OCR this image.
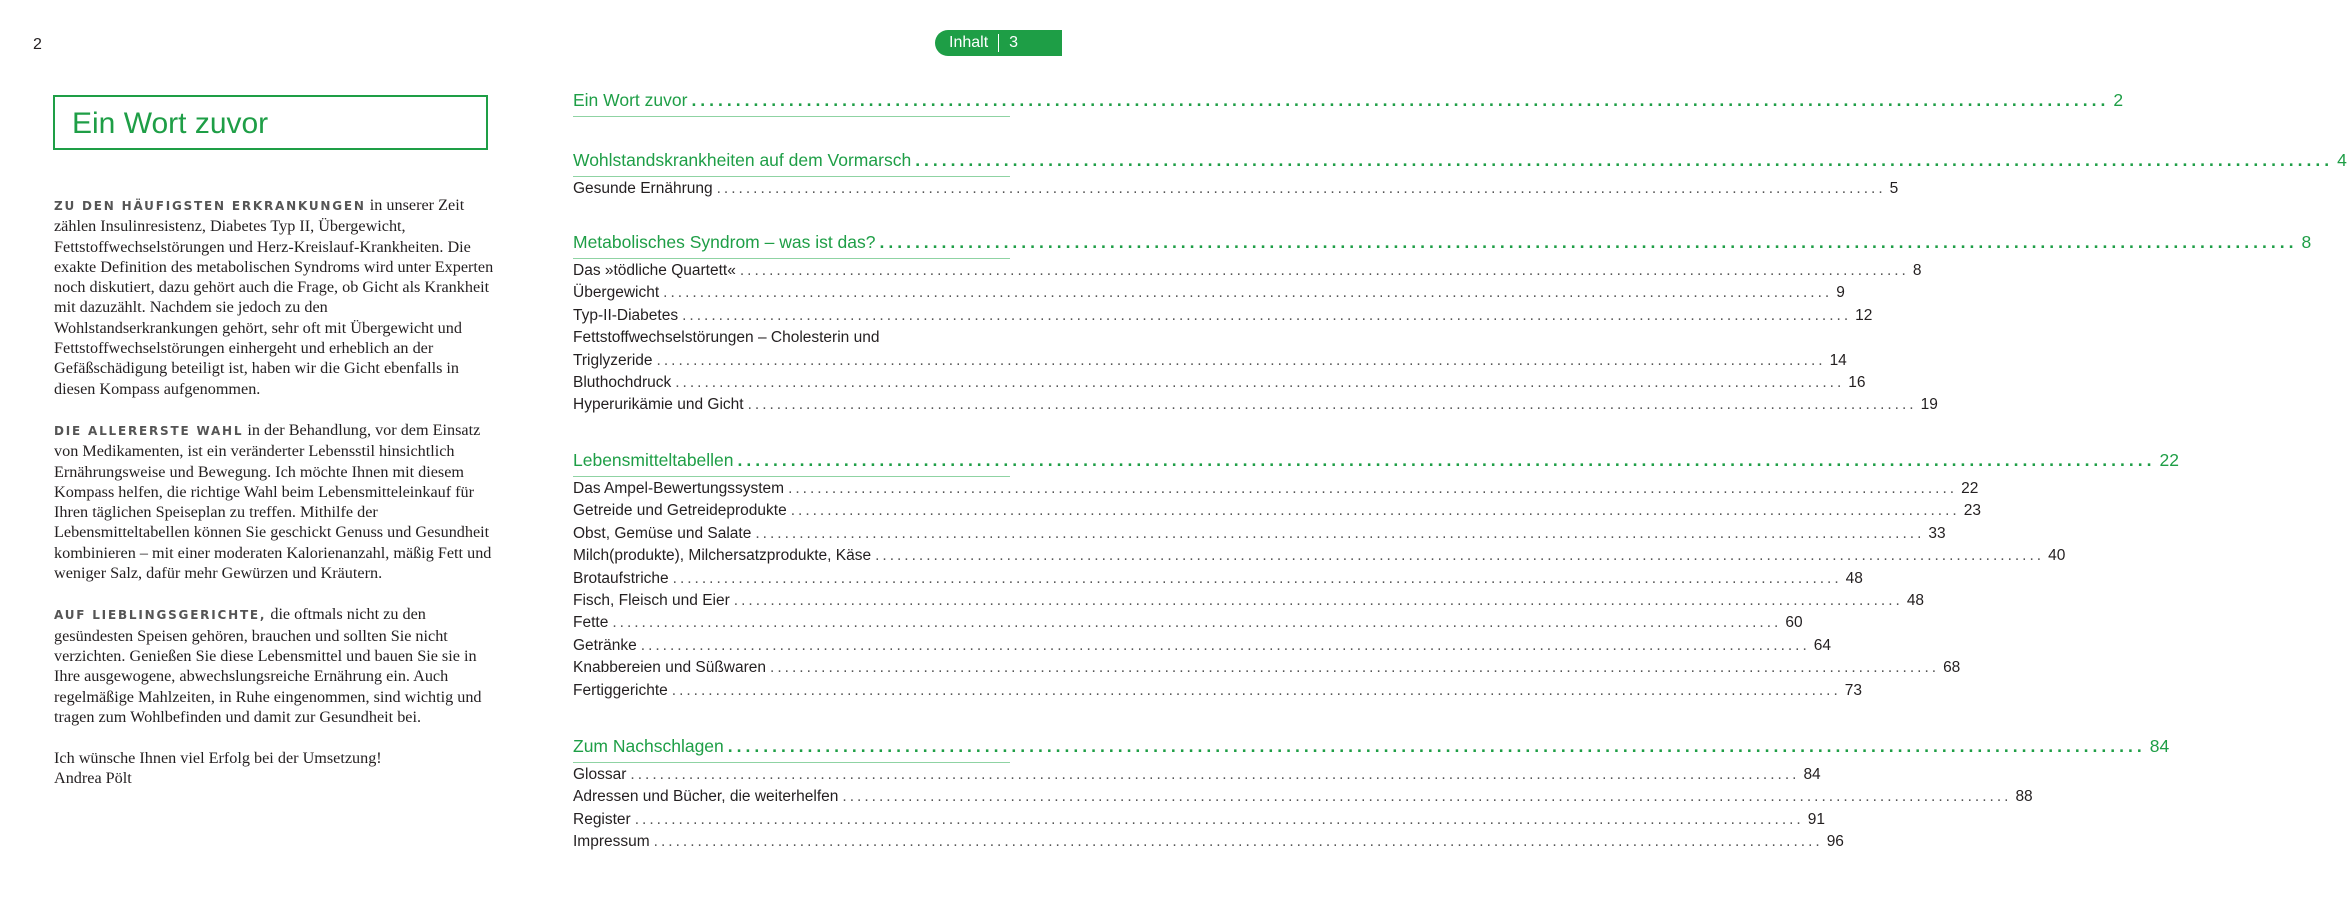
2	Inhalt 3
Ein Wort zuvor

ZU DEN HÄUFIGSTEN ERKRANKUNGEN in unserer Zeit zählen Insulinresistenz, Diabetes Typ II, Übergewicht, Fettstoffwechselstörungen und Herz-Kreislauf-Krankheiten. Die exakte Definition des metabolischen Syndroms wird unter Experten noch diskutiert, dazu gehört auch die Frage, ob Gicht als Krankheit mit dazuzählt. Nachdem sie jedoch zu den Wohlstandserkrankungen gehört, sehr oft mit Übergewicht und Fettstoffwechselstörungen einhergeht und erheblich an der Gefäßschädigung beteiligt ist, haben wir die Gicht ebenfalls in diesen Kompass aufgenommen.

DIE ALLERERSTE WAHL in der Behandlung, vor dem Einsatz von Medikamenten, ist ein veränderter Lebensstil hinsichtlich Ernährungsweise und Bewegung. Ich möchte Ihnen mit diesem Kompass helfen, die richtige Wahl beim Lebensmitteleinkauf für Ihren täglichen Speiseplan zu treffen. Mithilfe der Lebensmitteltabellen können Sie geschickt Genuss und Gesundheit kombinieren – mit einer moderaten Kalorienanzahl, mäßig Fett und weniger Salz, dafür mehr Gewürzen und Kräutern.

AUF LIEBLINGSGERICHTE, die oftmals nicht zu den gesündesten Speisen gehören, brauchen und sollten Sie nicht verzichten. Genießen Sie diese Lebensmittel und bauen Sie sie in Ihre ausgewogene, abwechslungsreiche Ernährung ein. Auch regelmäßige Mahlzeiten, in Ruhe eingenommen, sind wichtig und tragen zum Wohlbefinden und damit zur Gesundheit bei.

Ich wünsche Ihnen viel Erfolg bei der Umsetzung!
Andrea Pölt
Ein Wort zuvor ................................................................................................................................................................ 2
Wohlstandskrankheiten auf dem Vormarsch ................................................................................................................................................................ 4
Gesunde Ernährung ................................................................................................................................................................ 5
Metabolisches Syndrom – was ist das? ................................................................................................................................................................ 8
Das »tödliche Quartett« ................................................................................................................................................................ 8
Übergewicht ................................................................................................................................................................ 9
Typ-II-Diabetes ................................................................................................................................................................ 12
Fettstoffwechselstörungen – Cholesterin und
Triglyzeride ................................................................................................................................................................ 14
Bluthochdruck ................................................................................................................................................................ 16
Hyperurikämie und Gicht ................................................................................................................................................................ 19
Lebensmitteltabellen ................................................................................................................................................................ 22
Das Ampel-Bewertungssystem ................................................................................................................................................................ 22
Getreide und Getreideprodukte ................................................................................................................................................................ 23
Obst, Gemüse und Salate ................................................................................................................................................................ 33
Milch(produkte), Milchersatzprodukte, Käse ................................................................................................................................................................ 40
Brotaufstriche ................................................................................................................................................................ 48
Fisch, Fleisch und Eier ................................................................................................................................................................ 48
Fette ................................................................................................................................................................ 60
Getränke ................................................................................................................................................................ 64
Knabbereien und Süßwaren ................................................................................................................................................................ 68
Fertiggerichte ................................................................................................................................................................ 73
Zum Nachschlagen ................................................................................................................................................................ 84
Glossar ................................................................................................................................................................ 84
Adressen und Bücher, die weiterhelfen ................................................................................................................................................................ 88
Register ................................................................................................................................................................ 91
Impressum ................................................................................................................................................................ 96
